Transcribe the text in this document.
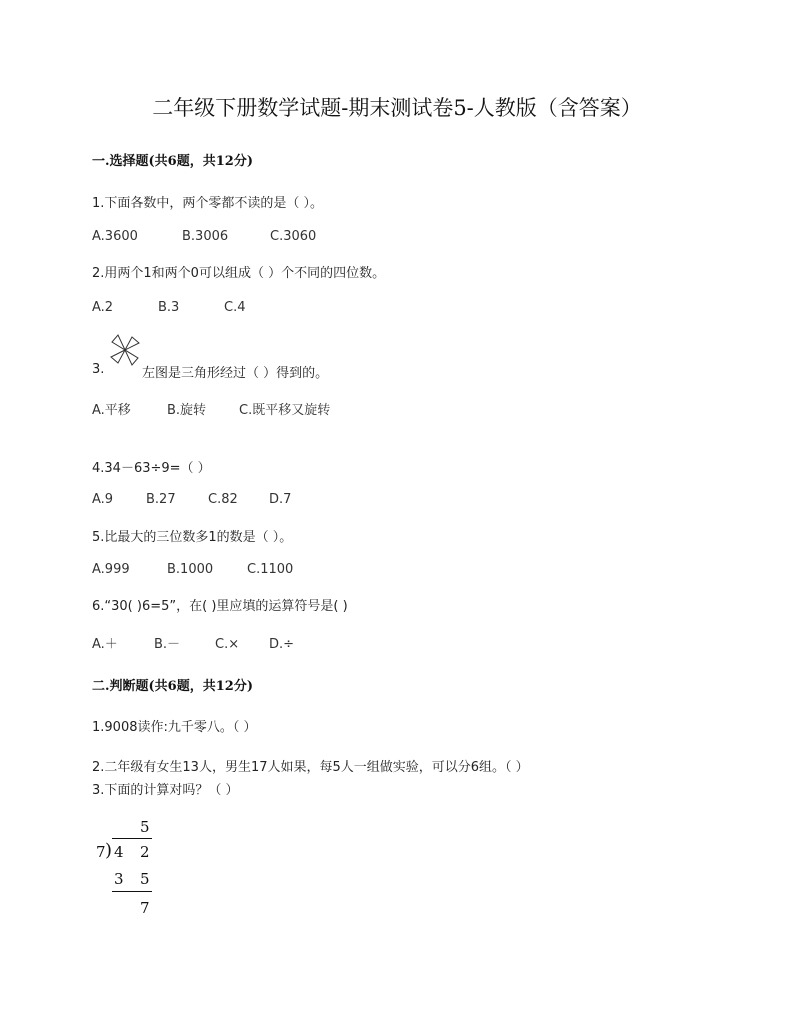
二年级下册数学试题-期末测试卷5-人教版（含答案）
一.选择题(共6题，共12分)
1.下面各数中，两个零都不读的是（ ）。
A.3600	B.3006	C.3060
2.用两个1和两个0可以组成（ ）个不同的四位数。
A.2	B.3	C.4
3.	左图是三角形经过（ ）得到的。
A.平移	B.旋转	C.既平移又旋转
4.34－63÷9=（ ）
A.9	B.27 C.82 D.7
5.比最大的三位数多1的数是（ ）。
A.999	B.1000	C.1100
6.“30( )6=5”，在( )里应填的运算符号是( )
A.＋	B.－	C.× D.÷
二.判断题(共6题，共12分)
1.9008读作:九千零八。（ ）
2.二年级有女生13人，男生17人如果，每5人一组做实验，可以分6组。（ ）
3.下面的计算对吗？（ ）
5
7 ) 4 2
3 5
7
